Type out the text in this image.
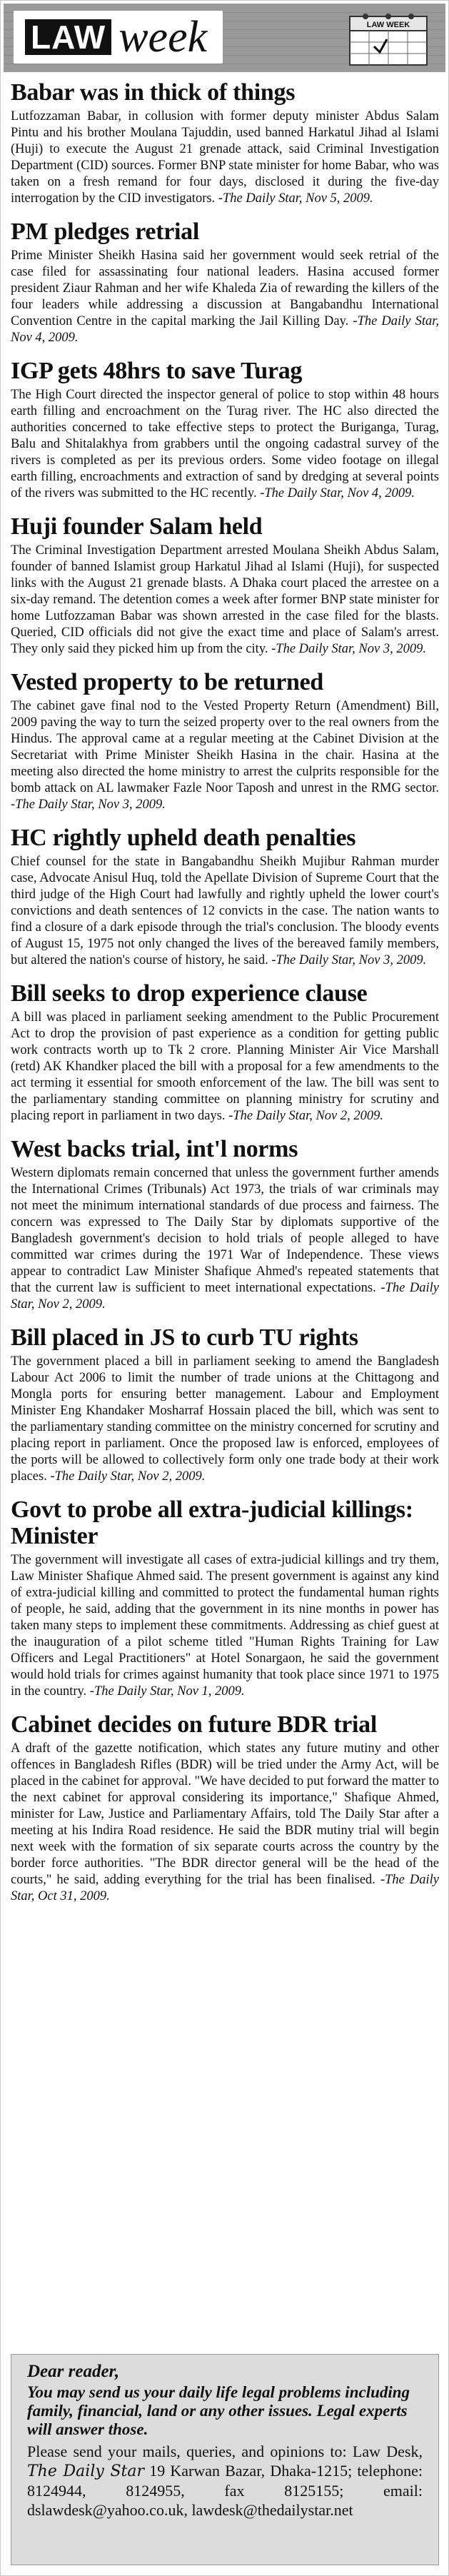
LAW week	LAW WEEK
Babar was in thick of things

Lutfozzaman Babar, in collusion with former deputy minister Abdus Salam Pintu and his brother Moulana Tajuddin, used banned Harkatul Jihad al Islami (Huji) to execute the August 21 grenade attack, said Criminal Investigation Department (CID) sources. Former BNP state minister for home Babar, who was taken on a fresh remand for four days, disclosed it during the five-day interrogation by the CID investigators. -The Daily Star, Nov 5, 2009.

PM pledges retrial

Prime Minister Sheikh Hasina said her government would seek retrial of the case filed for assassinating four national leaders. Hasina accused former president Ziaur Rahman and her wife Khaleda Zia of rewarding the killers of the four leaders while addressing a discussion at Bangabandhu International Convention Centre in the capital marking the Jail Killing Day. -The Daily Star, Nov 4, 2009.

IGP gets 48hrs to save Turag

The High Court directed the inspector general of police to stop within 48 hours earth filling and encroachment on the Turag river. The HC also directed the authorities concerned to take effective steps to protect the Buriganga, Turag, Balu and Shitalakhya from grabbers until the ongoing cadastral survey of the rivers is completed as per its previous orders. Some video footage on illegal earth filling, encroachments and extraction of sand by dredging at several points of the rivers was submitted to the HC recently. -The Daily Star, Nov 4, 2009.

Huji founder Salam held

The Criminal Investigation Department arrested Moulana Sheikh Abdus Salam, founder of banned Islamist group Harkatul Jihad al Islami (Huji), for suspected links with the August 21 grenade blasts. A Dhaka court placed the arrestee on a six-day remand. The detention comes a week after former BNP state minister for home Lutfozzaman Babar was shown arrested in the case filed for the blasts. Queried, CID officials did not give the exact time and place of Salam's arrest. They only said they picked him up from the city. -The Daily Star, Nov 3, 2009.

Vested property to be returned

The cabinet gave final nod to the Vested Property Return (Amendment) Bill, 2009 paving the way to turn the seized property over to the real owners from the Hindus. The approval came at a regular meeting at the Cabinet Division at the Secretariat with Prime Minister Sheikh Hasina in the chair. Hasina at the meeting also directed the home ministry to arrest the culprits responsible for the bomb attack on AL lawmaker Fazle Noor Taposh and unrest in the RMG sector. -The Daily Star, Nov 3, 2009.

HC rightly upheld death penalties

Chief counsel for the state in Bangabandhu Sheikh Mujibur Rahman murder case, Advocate Anisul Huq, told the Apellate Division of Supreme Court that the third judge of the High Court had lawfully and rightly upheld the lower court's convictions and death sentences of 12 convicts in the case. The nation wants to find a closure of a dark episode through the trial's conclusion. The bloody events of August 15, 1975 not only changed the lives of the bereaved family members, but altered the nation's course of history, he said. -The Daily Star, Nov 3, 2009.

Bill seeks to drop experience clause

A bill was placed in parliament seeking amendment to the Public Procurement Act to drop the provision of past experience as a condition for getting public work contracts worth up to Tk 2 crore. Planning Minister Air Vice Marshall (retd) AK Khandker placed the bill with a proposal for a few amendments to the act terming it essential for smooth enforcement of the law. The bill was sent to the parliamentary standing committee on planning ministry for scrutiny and placing report in parliament in two days. -The Daily Star, Nov 2, 2009.

West backs trial, int'l norms

Western diplomats remain concerned that unless the government further amends the International Crimes (Tribunals) Act 1973, the trials of war criminals may not meet the minimum international standards of due process and fairness. The concern was expressed to The Daily Star by diplomats supportive of the Bangladesh government's decision to hold trials of people alleged to have committed war crimes during the 1971 War of Independence. These views appear to contradict Law Minister Shafique Ahmed's repeated statements that that the current law is sufficient to meet international expectations. -The Daily Star, Nov 2, 2009.

Bill placed in JS to curb TU rights

The government placed a bill in parliament seeking to amend the Bangladesh Labour Act 2006 to limit the number of trade unions at the Chittagong and Mongla ports for ensuring better management. Labour and Employment Minister Eng Khandaker Mosharraf Hossain placed the bill, which was sent to the parliamentary standing committee on the ministry concerned for scrutiny and placing report in parliament. Once the proposed law is enforced, employees of the ports will be allowed to collectively form only one trade body at their work places. -The Daily Star, Nov 2, 2009.

Govt to probe all extra-judicial killings: Minister

The government will investigate all cases of extra-judicial killings and try them, Law Minister Shafique Ahmed said. The present government is against any kind of extra-judicial killing and committed to protect the fundamental human rights of people, he said, adding that the government in its nine months in power has taken many steps to implement these commitments. Addressing as chief guest at the inauguration of a pilot scheme titled "Human Rights Training for Law Officers and Legal Practitioners" at Hotel Sonargaon, he said the government would hold trials for crimes against humanity that took place since 1971 to 1975 in the country. -The Daily Star, Nov 1, 2009.

Cabinet decides on future BDR trial

A draft of the gazette notification, which states any future mutiny and other offences in Bangladesh Rifles (BDR) will be tried under the Army Act, will be placed in the cabinet for approval. "We have decided to put forward the matter to the next cabinet for approval considering its importance," Shafique Ahmed, minister for Law, Justice and Parliamentary Affairs, told The Daily Star after a meeting at his Indira Road residence. He said the BDR mutiny trial will begin next week with the formation of six separate courts across the country by the border force authorities. "The BDR director general will be the head of the courts," he said, adding everything for the trial has been finalised. -The Daily Star, Oct 31, 2009.

Dear reader,

You may send us your daily life legal problems including family, financial, land or any other issues. Legal experts will answer those.

Please send your mails, queries, and opinions to: Law Desk, The Daily Star 19 Karwan Bazar, Dhaka-1215; telephone: 8124944, 8124955, fax 8125155; email: dslawdesk@yahoo.co.uk, lawdesk@thedailystar.net
